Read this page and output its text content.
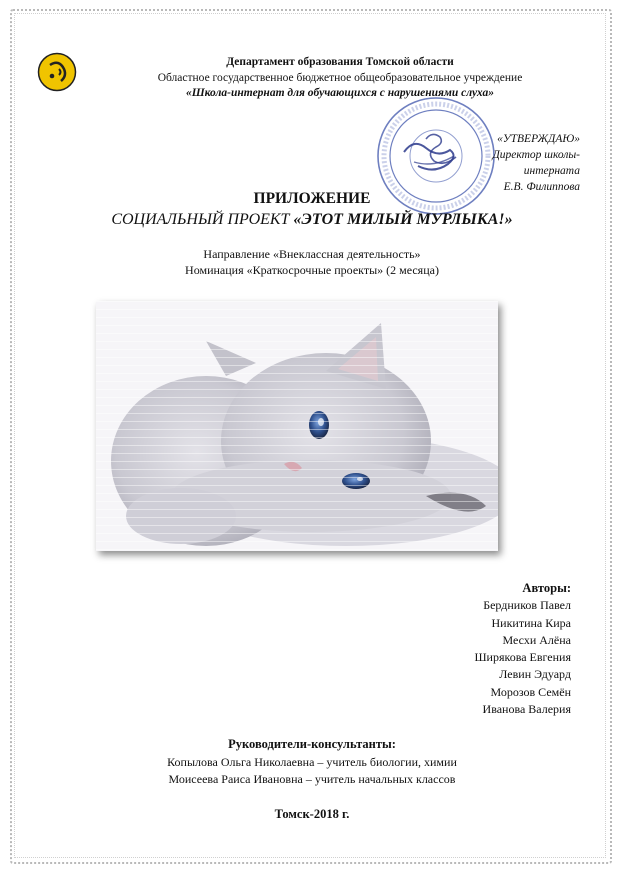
Департамент образования Томской области
Областное государственное бюджетное общеобразовательное учреждение
«Школа-интернат для обучающихся с нарушениями слуха»
«УТВЕРЖДАЮ»
Директор школы-интерната
Е.В. Филиппова
ПРИЛОЖЕНИЕ
СОЦИАЛЬНЫЙ ПРОЕКТ «ЭТОТ МИЛЫЙ МУРЛЫКА!»
Направление «Внеклассная деятельность»
Номинация «Краткосрочные проекты» (2 месяца)
Авторы:
Бердников Павел
Никитина Кира
Месхи Алёна
Ширякова Евгения
Левин Эдуард
Морозов Семён
Иванова Валерия
Руководители-консультанты:
Копылова Ольга Николаевна – учитель биологии, химии
Моисеева Раиса Ивановна – учитель начальных классов
Томск-2018 г.
